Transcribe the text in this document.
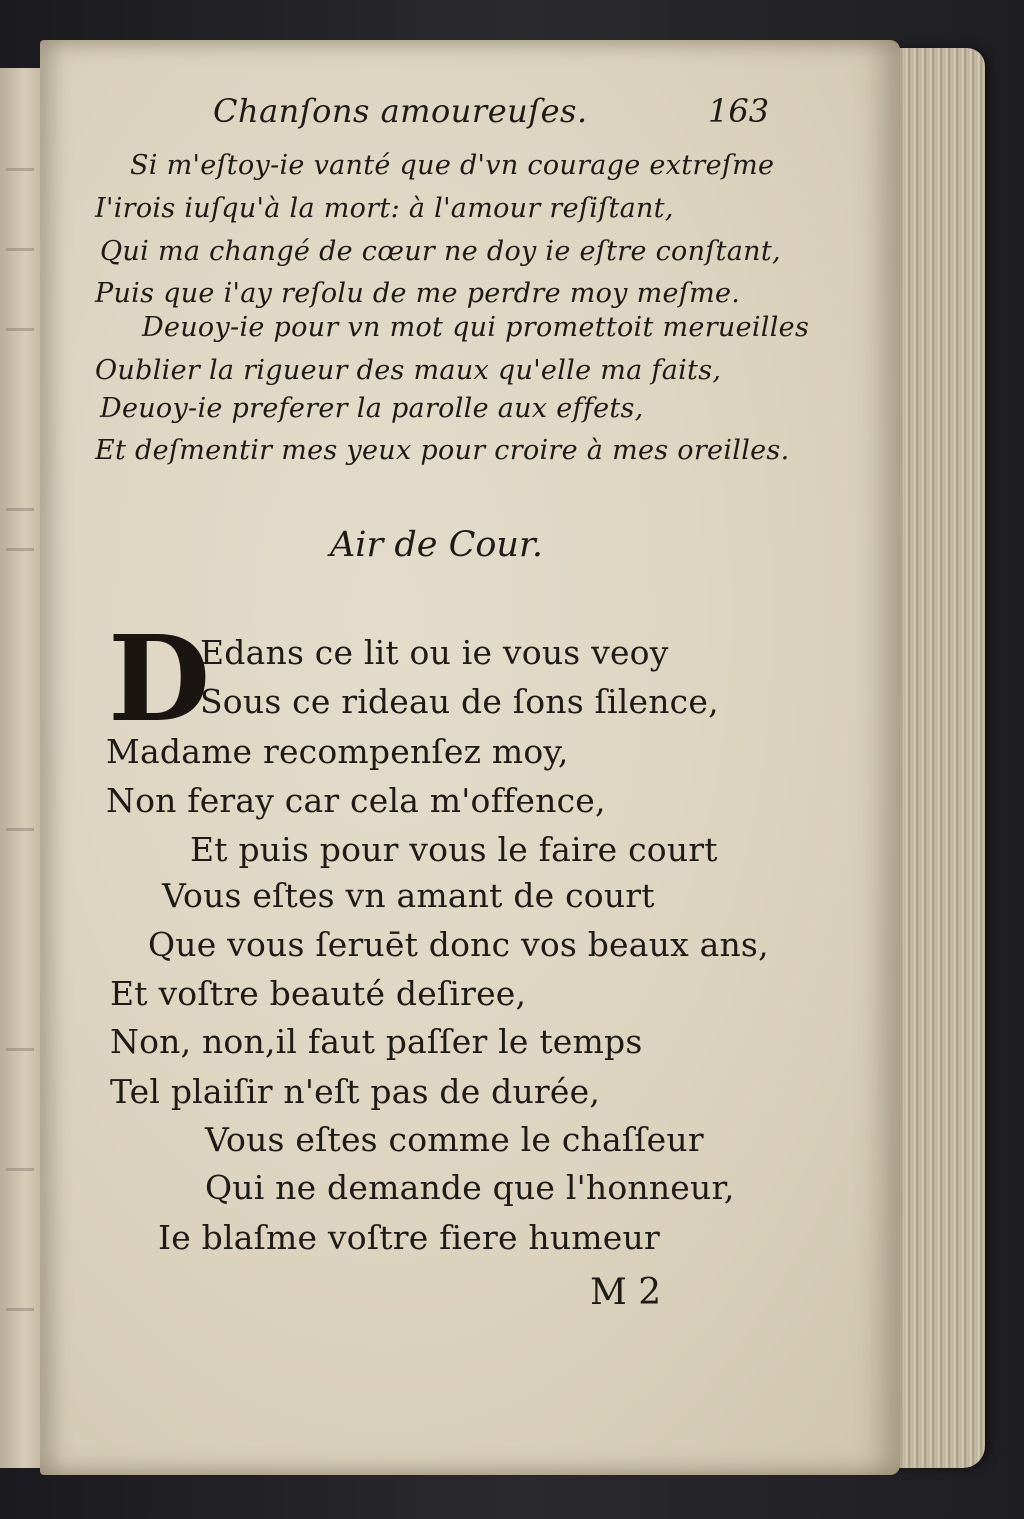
Chanſons amoureuſes.	163
Si m'eſtoy-ie vanté que d'vn courage extreſme
I'irois iuſqu'à la mort: à l'amour reſiſtant,
Qui ma changé de cœur ne doy ie eſtre conſtant,
Puis que i'ay reſolu de me perdre moy meſme.
Deuoy-ie pour vn mot qui promettoit merueilles
Oublier la rigueur des maux qu'elle ma faits,
Deuoy-ie preferer la parolle aux effets,
Et deſmentir mes yeux pour croire à mes oreilles.
Air de Cour.
D
Edans ce lit ou ie vous veoy
Sous ce rideau de ſons ſilence,
Madame recompenſez moy,
Non feray car cela m'offence,
Et puis pour vous le faire court
Vous eſtes vn amant de court
Que vous ſeruēt donc vos beaux ans,
Et voſtre beauté deſiree,
Non, non,il faut paſſer le temps
Tel plaiſir n'eſt pas de durée,
Vous eſtes comme le chaſſeur
Qui ne demande que l'honneur,
Ie blaſme voſtre fiere humeur
M 2
